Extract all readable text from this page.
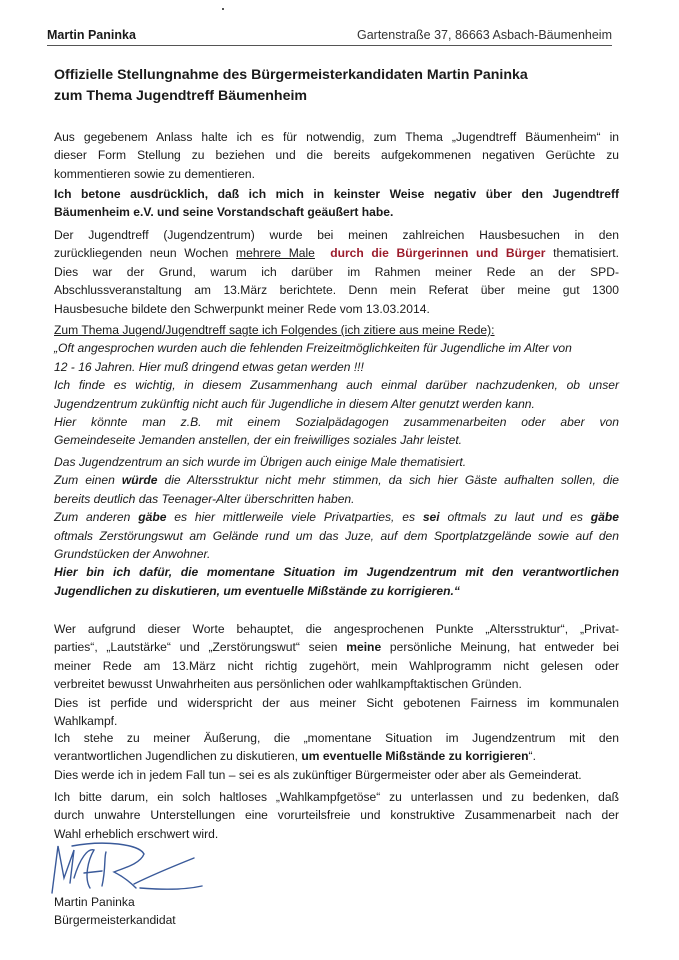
Martin Paninka	Gartenstraße 37, 86663 Asbach-Bäumenheim
Offizielle Stellungnahme des Bürgermeisterkandidaten Martin Paninka
zum Thema Jugendtreff Bäumenheim
Aus gegebenem Anlass halte ich es für notwendig, zum Thema „Jugendtreff Bäumenheim“ in
dieser Form Stellung zu beziehen und die bereits aufgekommenen negativen Gerüchte zu
kommentieren sowie zu dementieren.
Ich betone ausdrücklich, daß ich mich in keinster Weise negativ über den Jugendtreff
Bäumenheim e.V. und seine Vorstandschaft geäußert habe.
Der Jugendtreff (Jugendzentrum) wurde bei meinen zahlreichen Hausbesuchen in den
zurückliegenden neun Wochen mehrere Male durch die Bürgerinnen und Bürger thematisiert.
Dies war der Grund, warum ich darüber im Rahmen meiner Rede an der SPD-
Abschlussveranstaltung am 13.März berichtete. Denn mein Referat über meine gut 1300
Hausbesuche bildete den Schwerpunkt meiner Rede vom 13.03.2014.
Zum Thema Jugend/Jugendtreff sagte ich Folgendes (ich zitiere aus meine Rede):
„Oft angesprochen wurden auch die fehlenden Freizeitmöglichkeiten für Jugendliche im Alter von
12 - 16 Jahren. Hier muß dringend etwas getan werden !!!
Ich finde es wichtig, in diesem Zusammenhang auch einmal darüber nachzudenken, ob unser
Jugendzentrum zukünftig nicht auch für Jugendliche in diesem Alter genutzt werden kann.
Hier könnte man z.B. mit einem Sozialpädagogen zusammenarbeiten oder aber von
Gemeindeseite Jemanden anstellen, der ein freiwilliges soziales Jahr leistet.
Das Jugendzentrum an sich wurde im Übrigen auch einige Male thematisiert.
Zum einen würde die Altersstruktur nicht mehr stimmen, da sich hier Gäste aufhalten sollen, die
bereits deutlich das Teenager-Alter überschritten haben.
Zum anderen gäbe es hier mittlerweile viele Privatparties, es sei oftmals zu laut und es gäbe
oftmals Zerstörungswut am Gelände rund um das Juze, auf dem Sportplatzgelände sowie auf den
Grundstücken der Anwohner.
Hier bin ich dafür, die momentane Situation im Jugendzentrum mit den verantwortlichen
Jugendlichen zu diskutieren, um eventuelle Mißstände zu korrigieren.“
Wer aufgrund dieser Worte behauptet, die angesprochenen Punkte „Altersstruktur“, „Privat-
parties“, „Lautstärke“ und „Zerstörungswut“ seien meine persönliche Meinung, hat entweder bei
meiner Rede am 13.März nicht richtig zugehört, mein Wahlprogramm nicht gelesen oder
verbreitet bewusst Unwahrheiten aus persönlichen oder wahlkampftaktischen Gründen.
Dies ist perfide und widerspricht der aus meiner Sicht gebotenen Fairness im kommunalen
Wahlkampf.
Ich stehe zu meiner Äußerung, die „momentane Situation im Jugendzentrum mit den
verantwortlichen Jugendlichen zu diskutieren, um eventuelle Mißstände zu korrigieren“.
Dies werde ich in jedem Fall tun – sei es als zukünftiger Bürgermeister oder aber als Gemeinderat.
Ich bitte darum, ein solch haltloses „Wahlkampfgetöse“ zu unterlassen und zu bedenken, daß
durch unwahre Unterstellungen eine vorurteilsfreie und konstruktive Zusammenarbeit nach der
Wahl erheblich erschwert wird.
Martin Paninka
Bürgermeisterkandidat
